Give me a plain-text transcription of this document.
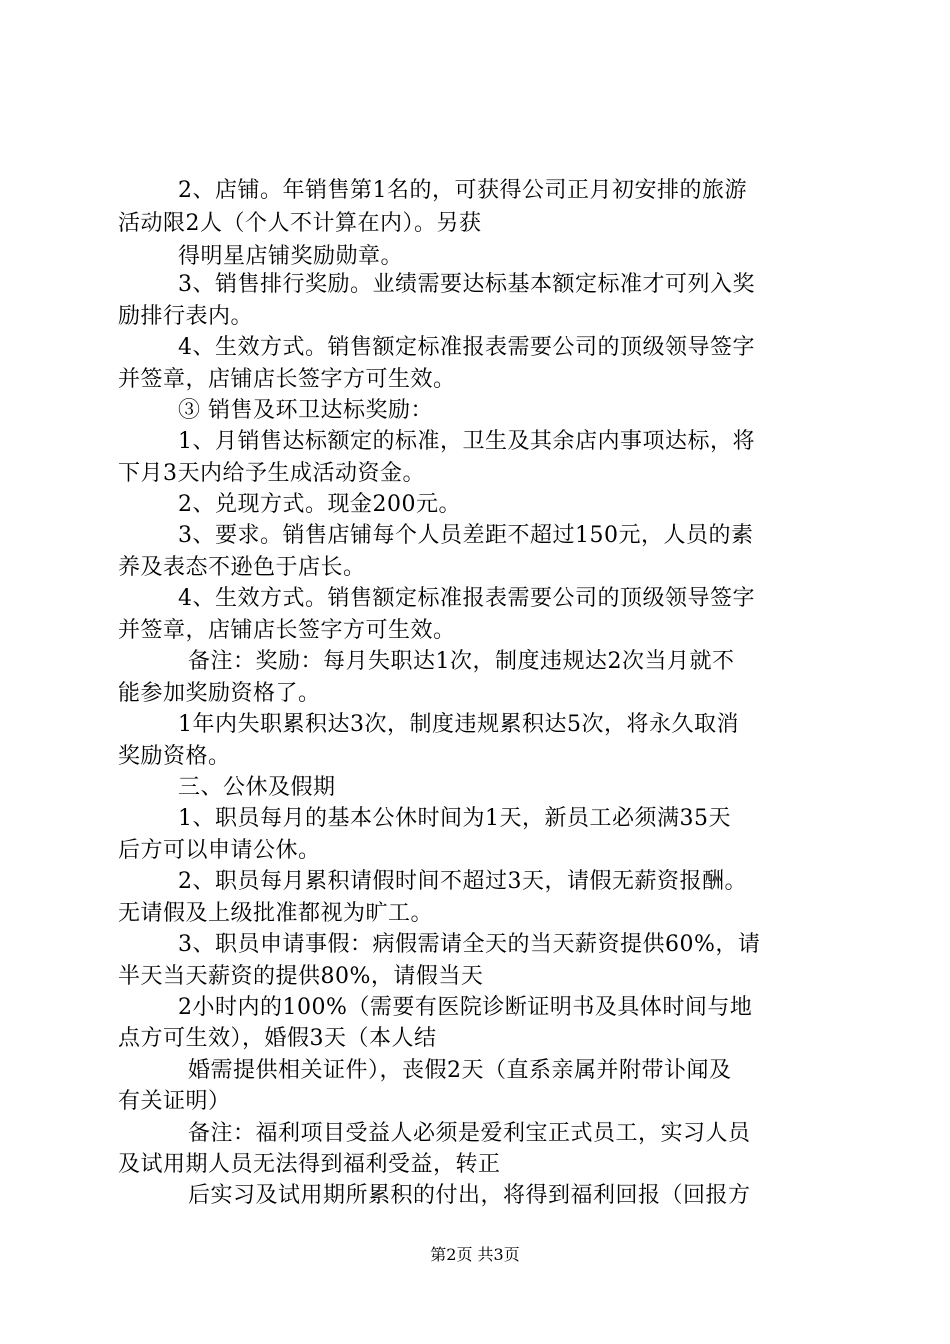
2、店铺。年销售第1名的，可获得公司正月初安排的旅游
活动限2人（个人不计算在内）。另获
得明星店铺奖励勋章。
3、销售排行奖励。业绩需要达标基本额定标准才可列入奖
励排行表内。
4、生效方式。销售额定标准报表需要公司的顶级领导签字
并签章，店铺店长签字方可生效。
③ 销售及环卫达标奖励：
1、月销售达标额定的标准，卫生及其余店内事项达标，将
下月3天内给予生成活动资金。
2、兑现方式。现金200元。
3、要求。销售店铺每个人员差距不超过150元，人员的素
养及表态不逊色于店长。
4、生效方式。销售额定标准报表需要公司的顶级领导签字
并签章，店铺店长签字方可生效。
备注：奖励：每月失职达1次，制度违规达2次当月就不
能参加奖励资格了。
1年内失职累积达3次，制度违规累积达5次，将永久取消
奖励资格。
三、公休及假期
1、职员每月的基本公休时间为1天，新员工必须满35天
后方可以申请公休。
2、职员每月累积请假时间不超过3天，请假无薪资报酬。
无请假及上级批准都视为旷工。
3、职员申请事假：病假需请全天的当天薪资提供60%，请
半天当天薪资的提供80%，请假当天
2小时内的100%（需要有医院诊断证明书及具体时间与地
点方可生效），婚假3天（本人结
婚需提供相关证件），丧假2天（直系亲属并附带讣闻及
有关证明）
备注：福利项目受益人必须是爱利宝正式员工，实习人员
及试用期人员无法得到福利受益，转正
后实习及试用期所累积的付出，将得到福利回报（回报方
第2页 共3页
